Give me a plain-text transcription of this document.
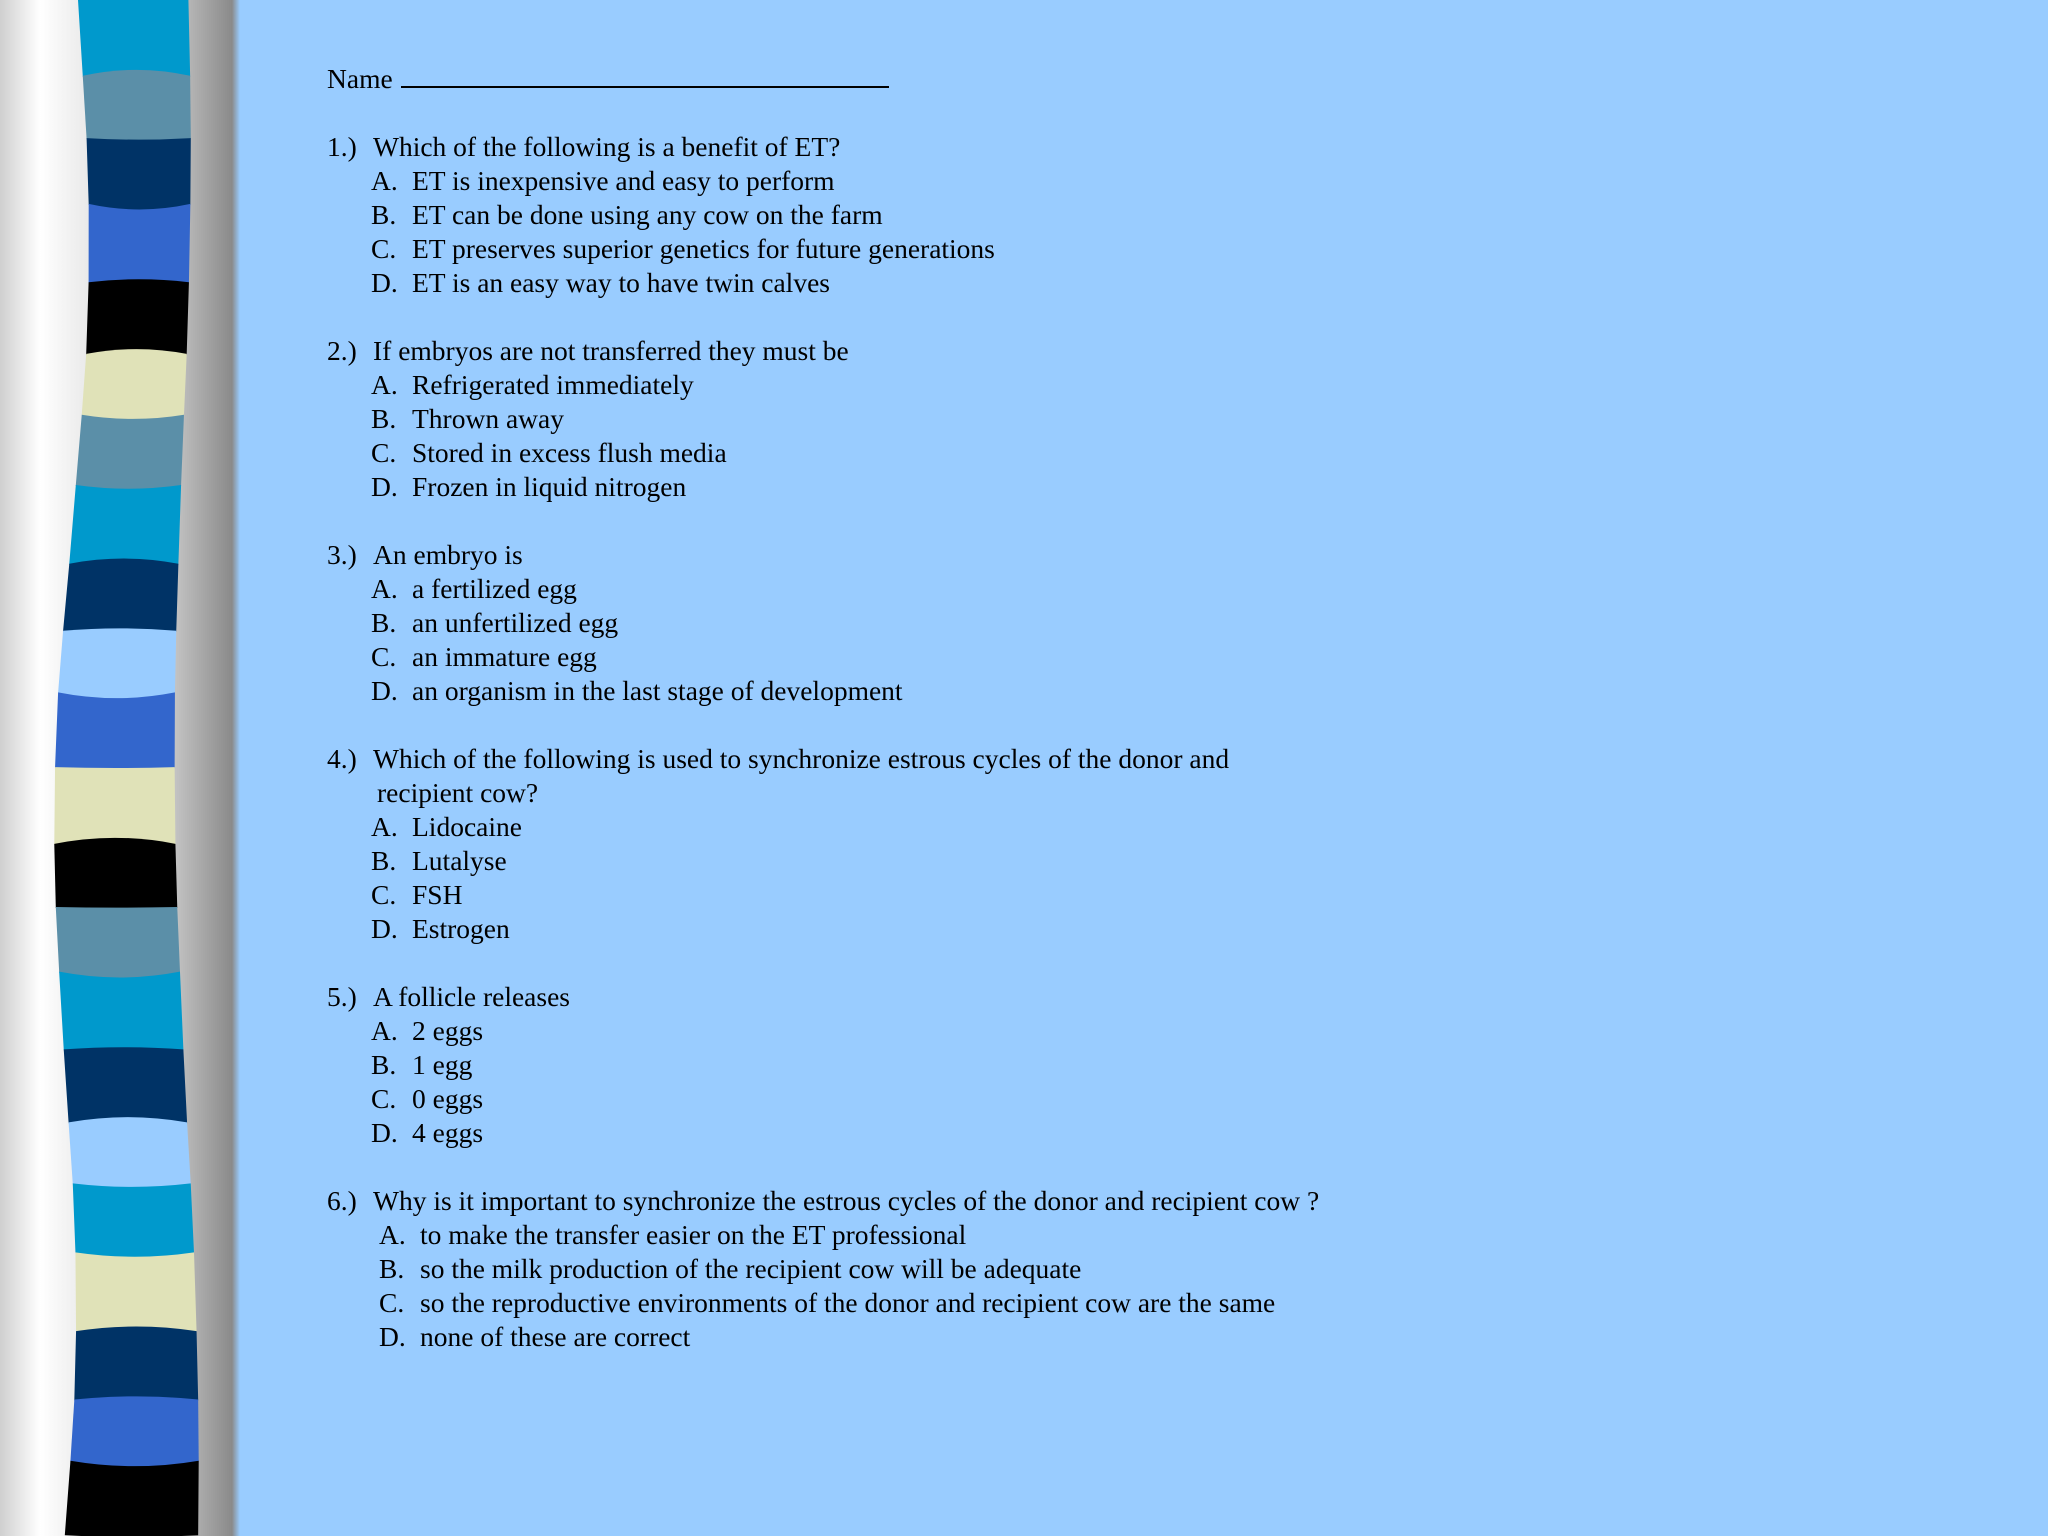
Name
1.) Which of the following is a benefit of ET?
A. ET is inexpensive and easy to perform
B. ET can be done using any cow on the farm
C. ET preserves superior genetics for future generations
D. ET is an easy way to have twin calves
2.) If embryos are not transferred they must be
A. Refrigerated immediately
B. Thrown away
C. Stored in excess flush media
D. Frozen in liquid nitrogen
3.) An embryo is
A. a fertilized egg
B. an unfertilized egg
C. an immature egg
D. an organism in the last stage of development
4.) Which of the following is used to synchronize estrous cycles of the donor and
recipient cow?
A. Lidocaine
B. Lutalyse
C. FSH
D. Estrogen
5.) A follicle releases
A. 2 eggs
B. 1 egg
C. 0 eggs
D. 4 eggs
6.) Why is it important to synchronize the estrous cycles of the donor and recipient cow ?
A. to make the transfer easier on the ET professional
B. so the milk production of the recipient cow will be adequate
C. so the reproductive environments of the donor and recipient cow are the same
D. none of these are correct
